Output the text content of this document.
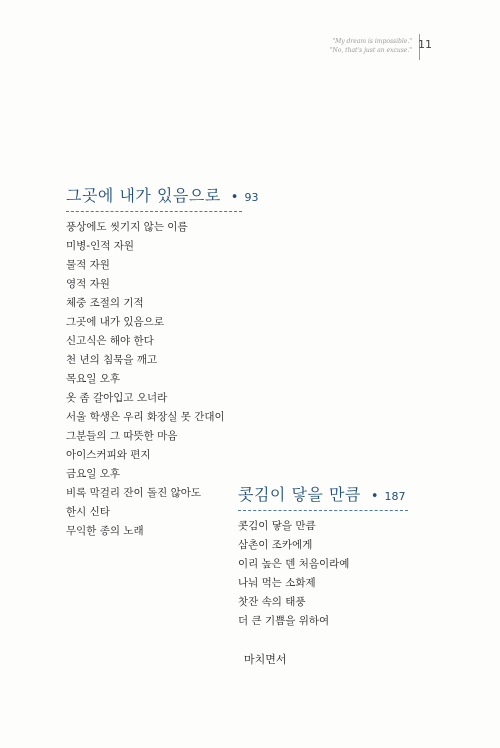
"My dream is impossible."
"No, that's just an excuse." 11
그곳에 내가 있음으로 • 93
풍상에도 씻기지 않는 이름
미병-인적 자원
물적 자원
영적 자원
체중 조절의 기적
그곳에 내가 있음으로
신고식은 해야 한다
천 년의 침묵을 깨고
목요일 오후
옷 좀 갈아입고 오너라
서울 학생은 우리 화장실 못 간대이
그분들의 그 따뜻한 마음
아이스커피와 편지
금요일 오후
비록 막걸리 잔이 돌진 않아도
한시 신타
무익한 종의 노래
콧김이 닿을 만큼 • 187
콧김이 닿을 만큼
삼촌이 조카에게
이리 높은 덴 처음이라예
나눠 먹는 소화제
찻잔 속의 태풍
더 큰 기쁨을 위하여
마치면서
